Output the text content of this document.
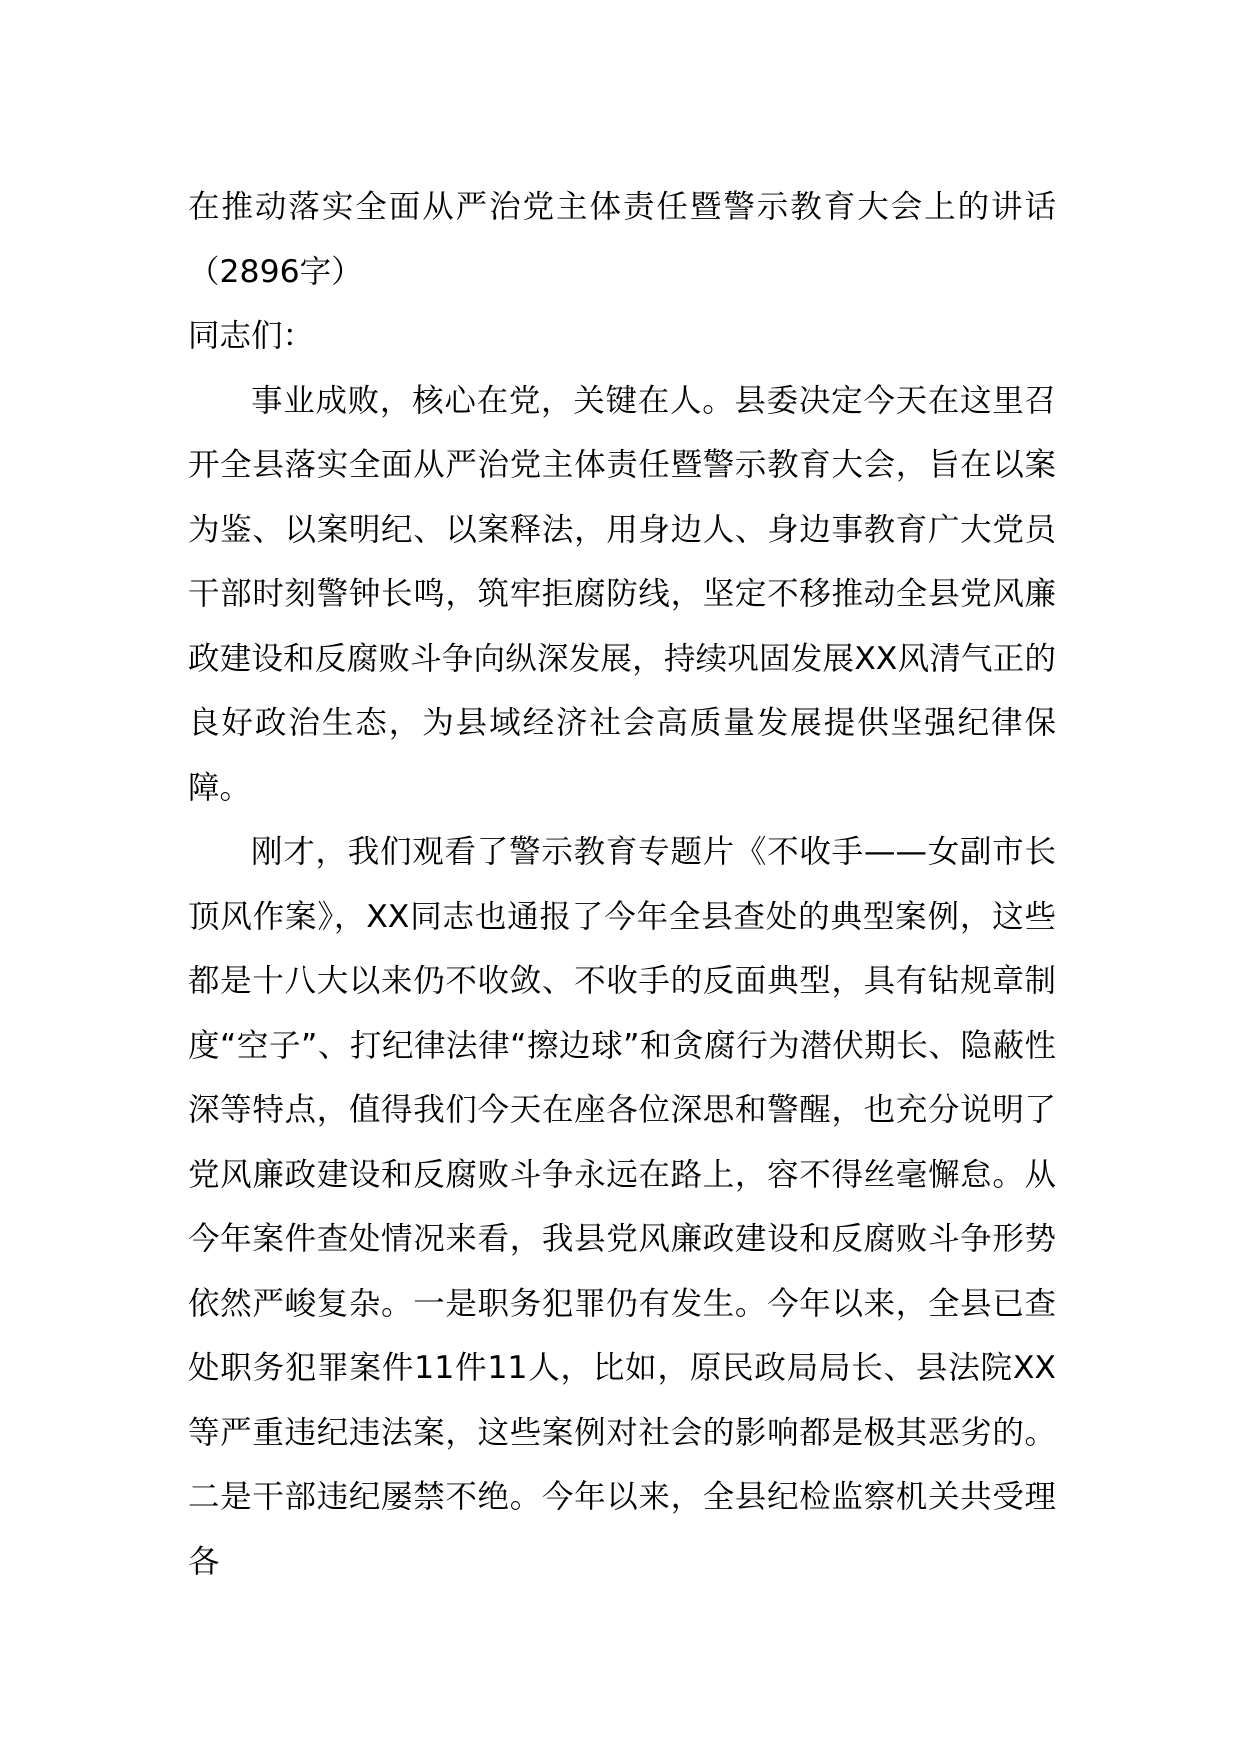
在推动落实全面从严治党主体责任暨警示教育大会上的讲话（2896字）

同志们：

事业成败，核心在党，关键在人。县委决定今天在这里召开全县落实全面从严治党主体责任暨警示教育大会，旨在以案为鉴、以案明纪、以案释法，用身边人、身边事教育广大党员干部时刻警钟长鸣，筑牢拒腐防线，坚定不移推动全县党风廉政建设和反腐败斗争向纵深发展，持续巩固发展XX风清气正的良好政治生态，为县域经济社会高质量发展提供坚强纪律保障。

刚才，我们观看了警示教育专题片《不收手——女副市长顶风作案》，XX同志也通报了今年全县查处的典型案例，这些都是十八大以来仍不收敛、不收手的反面典型，具有钻规章制度“空子”、打纪律法律“擦边球”和贪腐行为潜伏期长、隐蔽性深等特点，值得我们今天在座各位深思和警醒，也充分说明了党风廉政建设和反腐败斗争永远在路上，容不得丝毫懈怠。从今年案件查处情况来看，我县党风廉政建设和反腐败斗争形势依然严峻复杂。一是职务犯罪仍有发生。今年以来，全县已查处职务犯罪案件11件11人，比如，原民政局局长、县法院XX等严重违纪违法案，这些案例对社会的影响都是极其恶劣的。二是干部违纪屡禁不绝。今年以来，全县纪检监察机关共受理各
